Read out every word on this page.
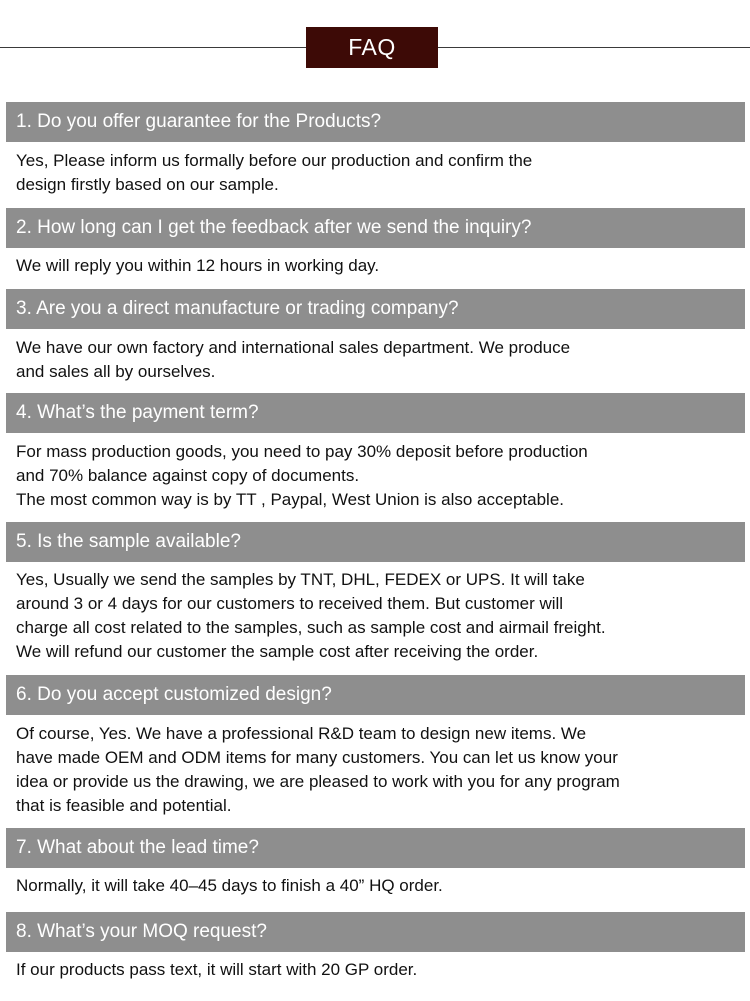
FAQ
1. Do you offer guarantee for the Products?
Yes, Please inform us formally before our production and confirm the
design firstly based on our sample.
2. How long can I get the feedback after we send the inquiry?
We will reply you within 12 hours in working day.
3. Are you a direct manufacture or trading company?
We have our own factory and international sales department. We produce
and sales all by ourselves.
4. What’s the payment term?
For mass production goods, you need to pay 30% deposit before production
and 70% balance against copy of documents.
The most common way is by TT , Paypal, West Union is also acceptable.
5. Is the sample available?
Yes, Usually we send the samples by TNT, DHL, FEDEX or UPS. It will take
around 3 or 4 days for our customers to received them. But customer will
charge all cost related to the samples, such as sample cost and airmail freight.
We will refund our customer the sample cost after receiving the order.
6. Do you accept customized design?
Of course, Yes. We have a professional R&D team to design new items. We
have made OEM and ODM items for many customers. You can let us know your
idea or provide us the drawing, we are pleased to work with you for any program
that is feasible and potential.
7. What about the lead time?
Normally, it will take 40–45 days to finish a 40” HQ order.
8. What’s your MOQ request?
If our products pass text, it will start with 20 GP order.
